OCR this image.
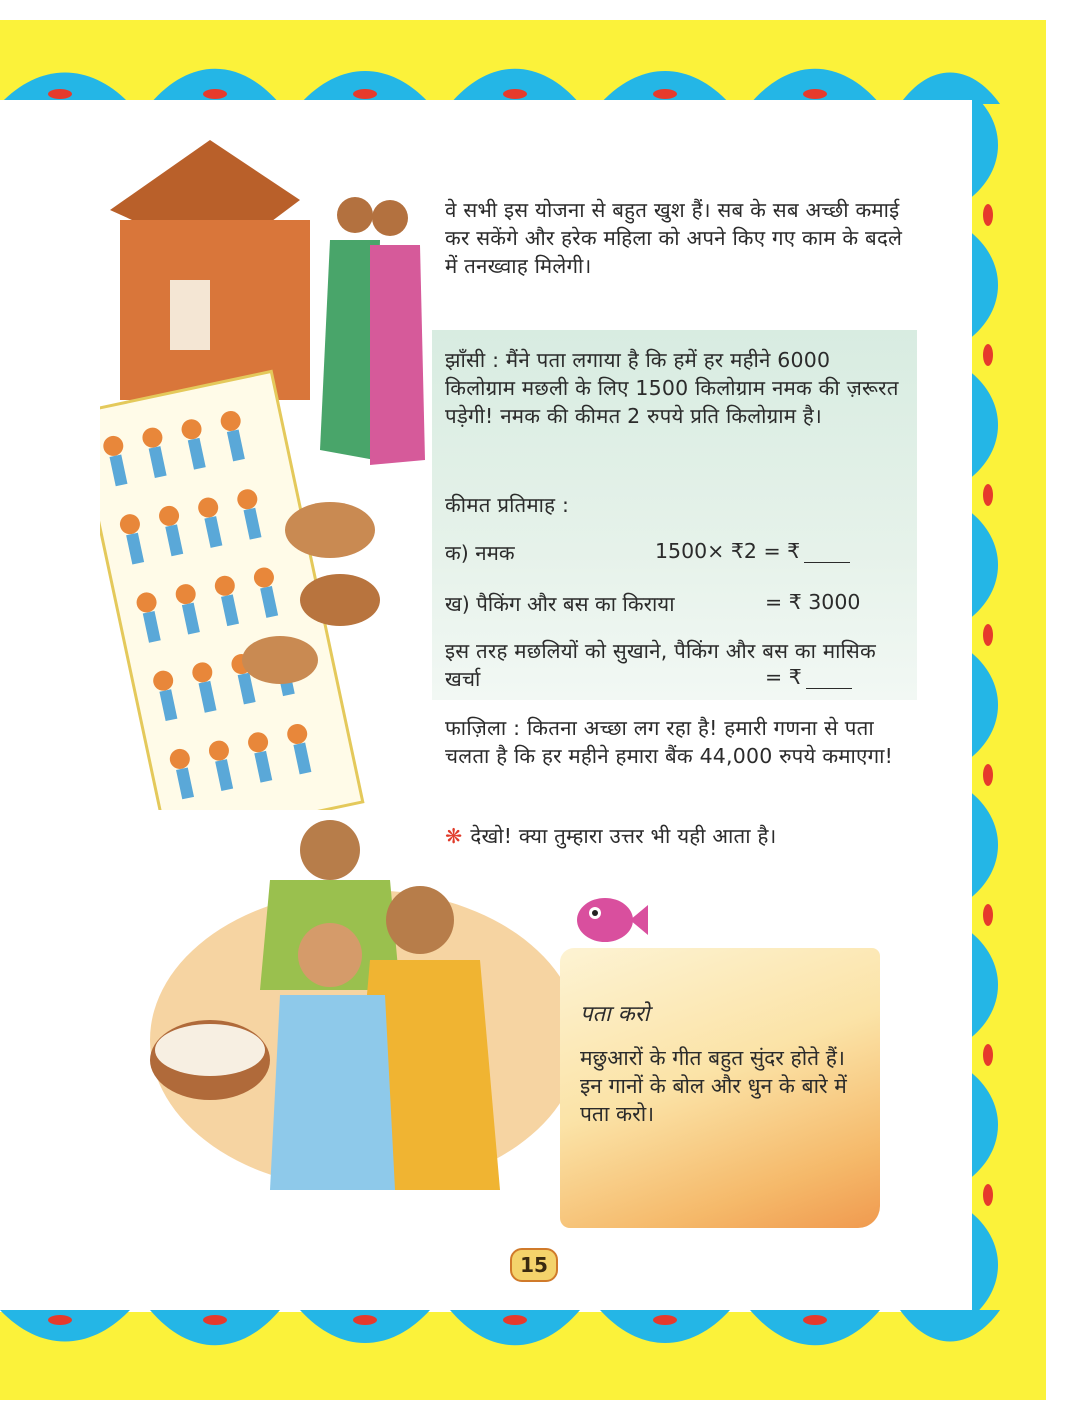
वे सभी इस योजना से बहुत खुश हैं। सब के सब अच्छी कमाई कर सकेंगे और हरेक महिला को अपने किए गए काम के बदले में तनख्वाह मिलेगी।
झाँसी : मैंने पता लगाया है कि हमें हर महीने 6000 किलोग्राम मछली के लिए 1500 किलोग्राम नमक की ज़रूरत पड़ेगी! नमक की कीमत 2 रुपये प्रति किलोग्राम है।
कीमत प्रतिमाह :
क) नमक	1500× ₹2 = ₹
ख) पैकिंग और बस का किराया	= ₹ 3000
इस तरह मछलियों को सुखाने, पैकिंग और बस का मासिक खर्चा	= ₹
फाज़िला : कितना अच्छा लग रहा है! हमारी गणना से पता चलता है कि हर महीने हमारा बैंक 44,000 रुपये कमाएगा!
❋ देखो! क्या तुम्हारा उत्तर भी यही आता है।
पता करो
मछुआरों के गीत बहुत सुंदर होते हैं। इन गानों के बोल और धुन के बारे में पता करो।
15
